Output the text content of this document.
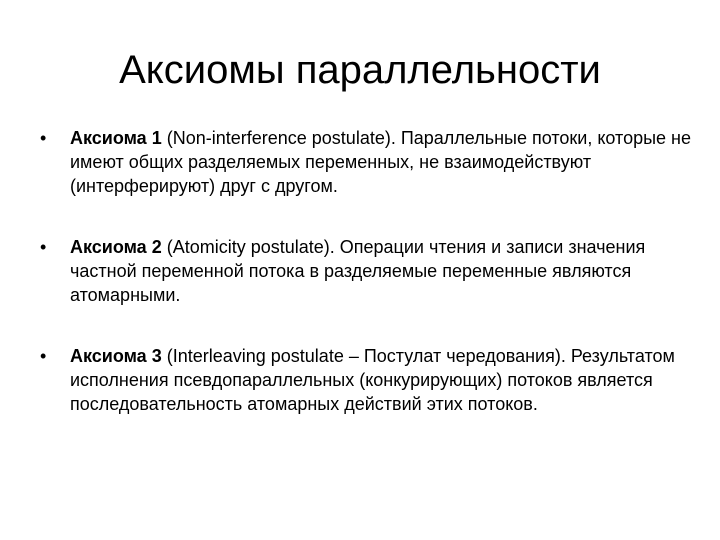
Аксиомы параллельности
• Аксиома 1 (Non-interference postulate). Параллельные потоки, которые не имеют общих разделяемых переменных, не взаимодействуют (интерферируют) друг с другом.
• Аксиома 2 (Atomicity postulate). Операции чтения и записи значения частной переменной потока в разделяемые переменные являются атомарными.
• Аксиома 3 (Interleaving postulate – Постулат чередования). Результатом исполнения псевдопараллельных (конкурирующих) потоков является последовательность атомарных действий этих потоков.
